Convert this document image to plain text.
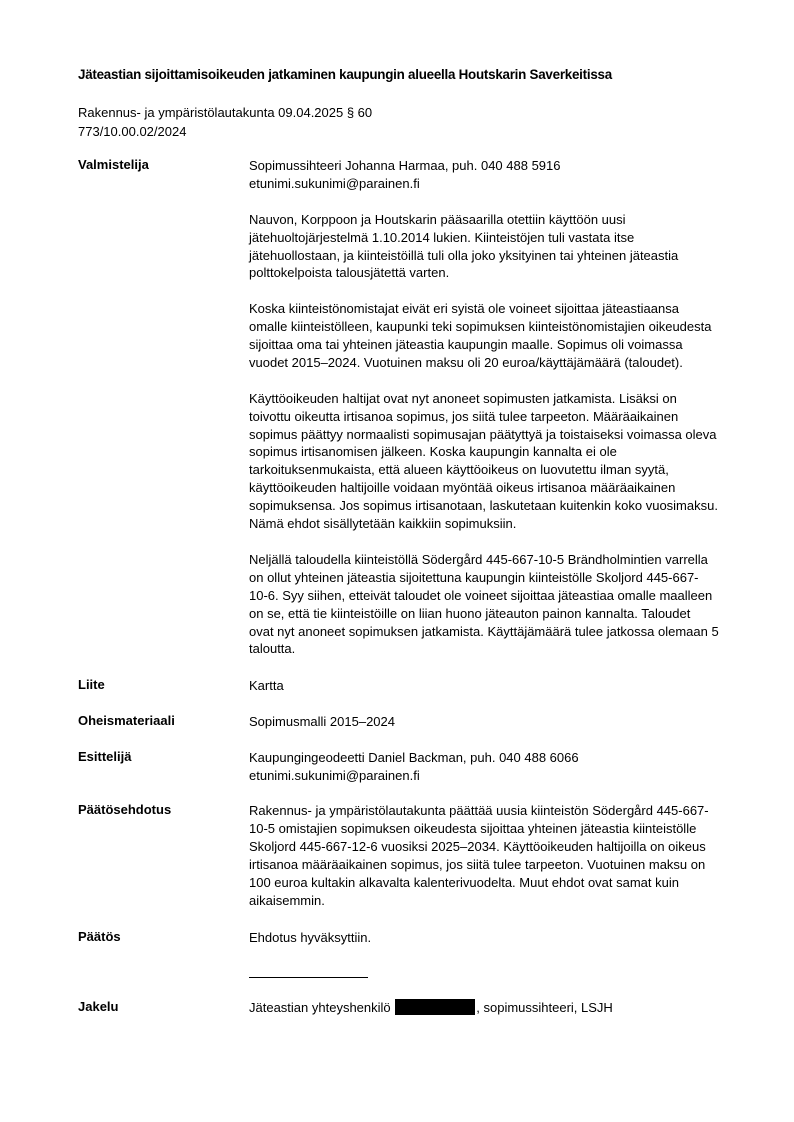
Jäteastian sijoittamisoikeuden jatkaminen kaupungin alueella Houtskarin Saverkeitissa
Rakennus- ja ympäristölautakunta 09.04.2025 § 60
773/10.00.02/2024
Valmistelija	Sopimussihteeri Johanna Harmaa, puh. 040 488 5916
etunimi.sukunimi@parainen.fi

Nauvon, Korppoon ja Houtskarin pääsaarilla otettiin käyttöön uusi
jätehuoltojärjestelmä 1.10.2014 lukien. Kiinteistöjen tuli vastata itse
jätehuollostaan, ja kiinteistöillä tuli olla joko yksityinen tai yhteinen jäteastia
polttokelpoista talousjätettä varten.

Koska kiinteistönomistajat eivät eri syistä ole voineet sijoittaa jäteastiaansa
omalle kiinteistölleen, kaupunki teki sopimuksen kiinteistönomistajien oikeudesta
sijoittaa oma tai yhteinen jäteastia kaupungin maalle. Sopimus oli voimassa
vuodet 2015–2024. Vuotuinen maksu oli 20 euroa/käyttäjämäärä (taloudet).

Käyttöoikeuden haltijat ovat nyt anoneet sopimusten jatkamista. Lisäksi on
toivottu oikeutta irtisanoa sopimus, jos siitä tulee tarpeeton. Määräaikainen
sopimus päättyy normaalisti sopimusajan päätyttyä ja toistaiseksi voimassa oleva
sopimus irtisanomisen jälkeen. Koska kaupungin kannalta ei ole
tarkoituksenmukaista, että alueen käyttöoikeus on luovutettu ilman syytä,
käyttöoikeuden haltijoille voidaan myöntää oikeus irtisanoa määräaikainen
sopimuksensa. Jos sopimus irtisanotaan, laskutetaan kuitenkin koko vuosimaksu.
Nämä ehdot sisällytetään kaikkiin sopimuksiin.

Neljällä taloudella kiinteistöllä Södergård 445-667-10-5 Brändholmintien varrella
on ollut yhteinen jäteastia sijoitettuna kaupungin kiinteistölle Skoljord 445-667-
10-6. Syy siihen, etteivät taloudet ole voineet sijoittaa jäteastiaa omalle maalleen
on se, että tie kiinteistöille on liian huono jäteauton painon kannalta. Taloudet
ovat nyt anoneet sopimuksen jatkamista. Käyttäjämäärä tulee jatkossa olemaan 5
taloutta.

Liite	Kartta
Oheismateriaali	Sopimusmalli 2015–2024
Esittelijä	Kaupungingeodeetti Daniel Backman, puh. 040 488 6066
etunimi.sukunimi@parainen.fi
Päätösehdotus	Rakennus- ja ympäristölautakunta päättää uusia kiinteistön Södergård 445-667-
10-5 omistajien sopimuksen oikeudesta sijoittaa yhteinen jäteastia kiinteistölle
Skoljord 445-667-12-6 vuosiksi 2025–2034. Käyttöoikeuden haltijoilla on oikeus
irtisanoa määräaikainen sopimus, jos siitä tulee tarpeeton. Vuotuinen maksu on
100 euroa kultakin alkavalta kalenterivuodelta. Muut ehdot ovat samat kuin
aikaisemmin.
Päätös	Ehdotus hyväksyttiin.
Jakelu	Jäteastian yhteyshenkilö	, sopimussihteeri, LSJH
